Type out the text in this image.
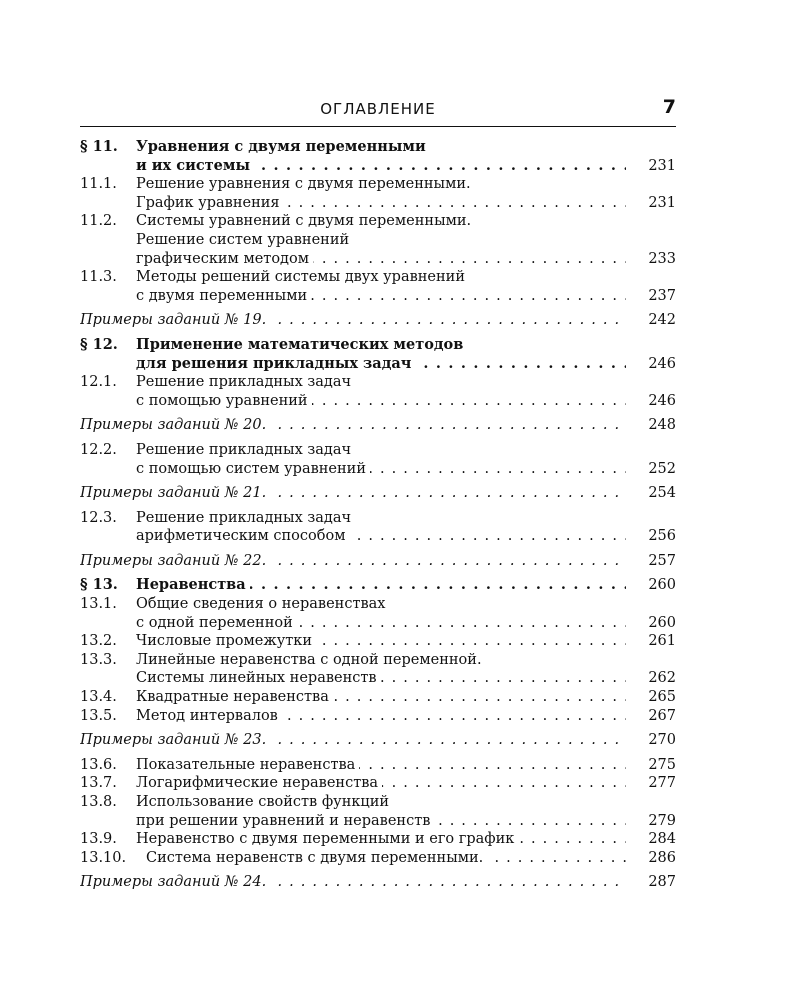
ОГЛАВЛЕНИЕ	7
§ 11. Уравнения с двумя переменными
и их системы . . .	231
11.1. Решение уравнения с двумя переменными.
График уравнения . . .	231
11.2. Системы уравнений с двумя переменными.
Решение систем уравнений
графическим методом . . .	233
11.3. Методы решений системы двух уравнений
с двумя переменными . . .	237
Примеры заданий № 19. . . .	242
§ 12. Применение математических методов
для решения прикладных задач . . .	246
12.1. Решение прикладных задач
с помощью уравнений . . .	246
Примеры заданий № 20. . . .	248
12.2. Решение прикладных задач
с помощью систем уравнений . . .	252
Примеры заданий № 21. . . .	254
12.3. Решение прикладных задач
арифметическим способом . . .	256
Примеры заданий № 22. . . .	257
§ 13. Неравенства . . .	260
13.1. Общие сведения о неравенствах
с одной переменной . . .	260
13.2. Числовые промежутки . . .	261
13.3. Линейные неравенства с одной переменной.
Системы линейных неравенств . . .	262
13.4. Квадратные неравенства . . .	265
13.5. Метод интервалов . . .	267
Примеры заданий № 23. . . .	270
13.6. Показательные неравенства . . .	275
13.7. Логарифмические неравенства . . .	277
13.8. Использование свойств функций
при решении уравнений и неравенств . . .	279
13.9. Неравенство с двумя переменными и его график . . .	284
13.10. Система неравенств с двумя переменными. . . .	286
Примеры заданий № 24. . . .	287
